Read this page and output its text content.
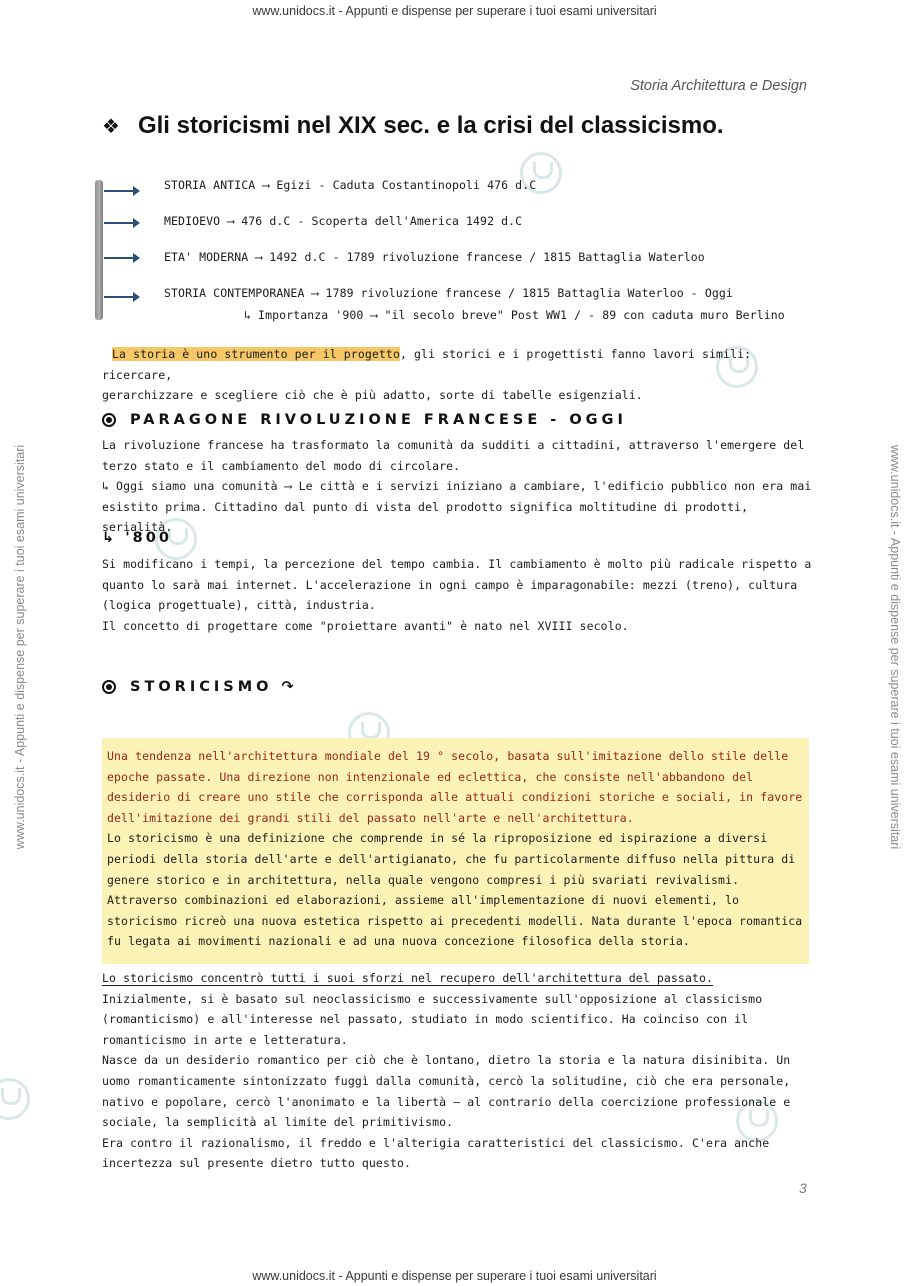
www.unidocs.it - Appunti e dispense per superare i tuoi esami universitari
www.unidocs.it - Appunti e dispense per superare i tuoi esami universitari
www.unidocs.it - Appunti e dispense per superare i tuoi esami universitari	www.unidocs.it - Appunti e dispense per superare i tuoi esami universitari
Storia Architettura e Design
❖ Gli storicismi nel XIX sec. e la crisi del classicismo.
STORIA ANTICA ⟶ Egizi - Caduta Costantinopoli 476 d.C
MEDIOEVO ⟶ 476 d.C - Scoperta dell'America 1492 d.C
ETA' MODERNA ⟶ 1492 d.C - 1789 rivoluzione francese / 1815 Battaglia Waterloo
STORIA CONTEMPORANEA ⟶ 1789 rivoluzione francese / 1815 Battaglia Waterloo - Oggi
↳ Importanza '900 ⟶ "il secolo breve" Post WW1 / - 89 con caduta muro Berlino
La storia è uno strumento per il progetto, gli storici e i progettisti fanno lavori simili: ricercare,
gerarchizzare e scegliere ciò che è più adatto, sorte di tabelle esigenziali.
PARAGONE RIVOLUZIONE FRANCESE - OGGI
La rivoluzione francese ha trasformato la comunità da sudditi a cittadini, attraverso l'emergere del terzo stato e il cambiamento del modo di circolare.
↳ Oggi siamo una comunità ⟶ Le città e i servizi iniziano a cambiare, l'edificio pubblico non era mai esistito prima. Cittadino dal punto di vista del prodotto significa moltitudine di prodotti, serialità.
↳ '800
Si modificano i tempi, la percezione del tempo cambia. Il cambiamento è molto più radicale rispetto a quanto lo sarà mai internet. L'accelerazione in ogni campo è imparagonabile: mezzi (treno), cultura (logica progettuale), città, industria.
Il concetto di progettare come "proiettare avanti" è nato nel XVIII secolo.
STORICISMO ↷
Una tendenza nell'architettura mondiale del 19 ° secolo, basata sull'imitazione dello stile delle epoche passate. Una direzione non intenzionale ed eclettica, che consiste nell'abbandono del desiderio di creare uno stile che corrisponda alle attuali condizioni storiche e sociali, in favore dell'imitazione dei grandi stili del passato nell'arte e nell'architettura.
Lo storicismo è una definizione che comprende in sé la riproposizione ed ispirazione a diversi periodi della storia dell'arte e dell'artigianato, che fu particolarmente diffuso nella pittura di genere storico e in architettura, nella quale vengono compresi i più svariati revivalismi. Attraverso combinazioni ed elaborazioni, assieme all'implementazione di nuovi elementi, lo storicismo ricreò una nuova estetica rispetto ai precedenti modelli. Nata durante l'epoca romantica fu legata ai movimenti nazionali e ad una nuova concezione filosofica della storia.
Lo storicismo concentrò tutti i suoi sforzi nel recupero dell'architettura del passato.
Inizialmente, si è basato sul neoclassicismo e successivamente sull'opposizione al classicismo (romanticismo) e all'interesse nel passato, studiato in modo scientifico. Ha coinciso con il romanticismo in arte e letteratura.
Nasce da un desiderio romantico per ciò che è lontano, dietro la storia e la natura disinibita. Un uomo romanticamente sintonizzato fuggì dalla comunità, cercò la solitudine, ciò che era personale, nativo e popolare, cercò l'anonimato e la libertà — al contrario della coercizione professionale e sociale, la semplicità al limite del primitivismo.
Era contro il razionalismo, il freddo e l'alterigia caratteristici del classicismo. C'era anche incertezza sul presente dietro tutto questo.
3
